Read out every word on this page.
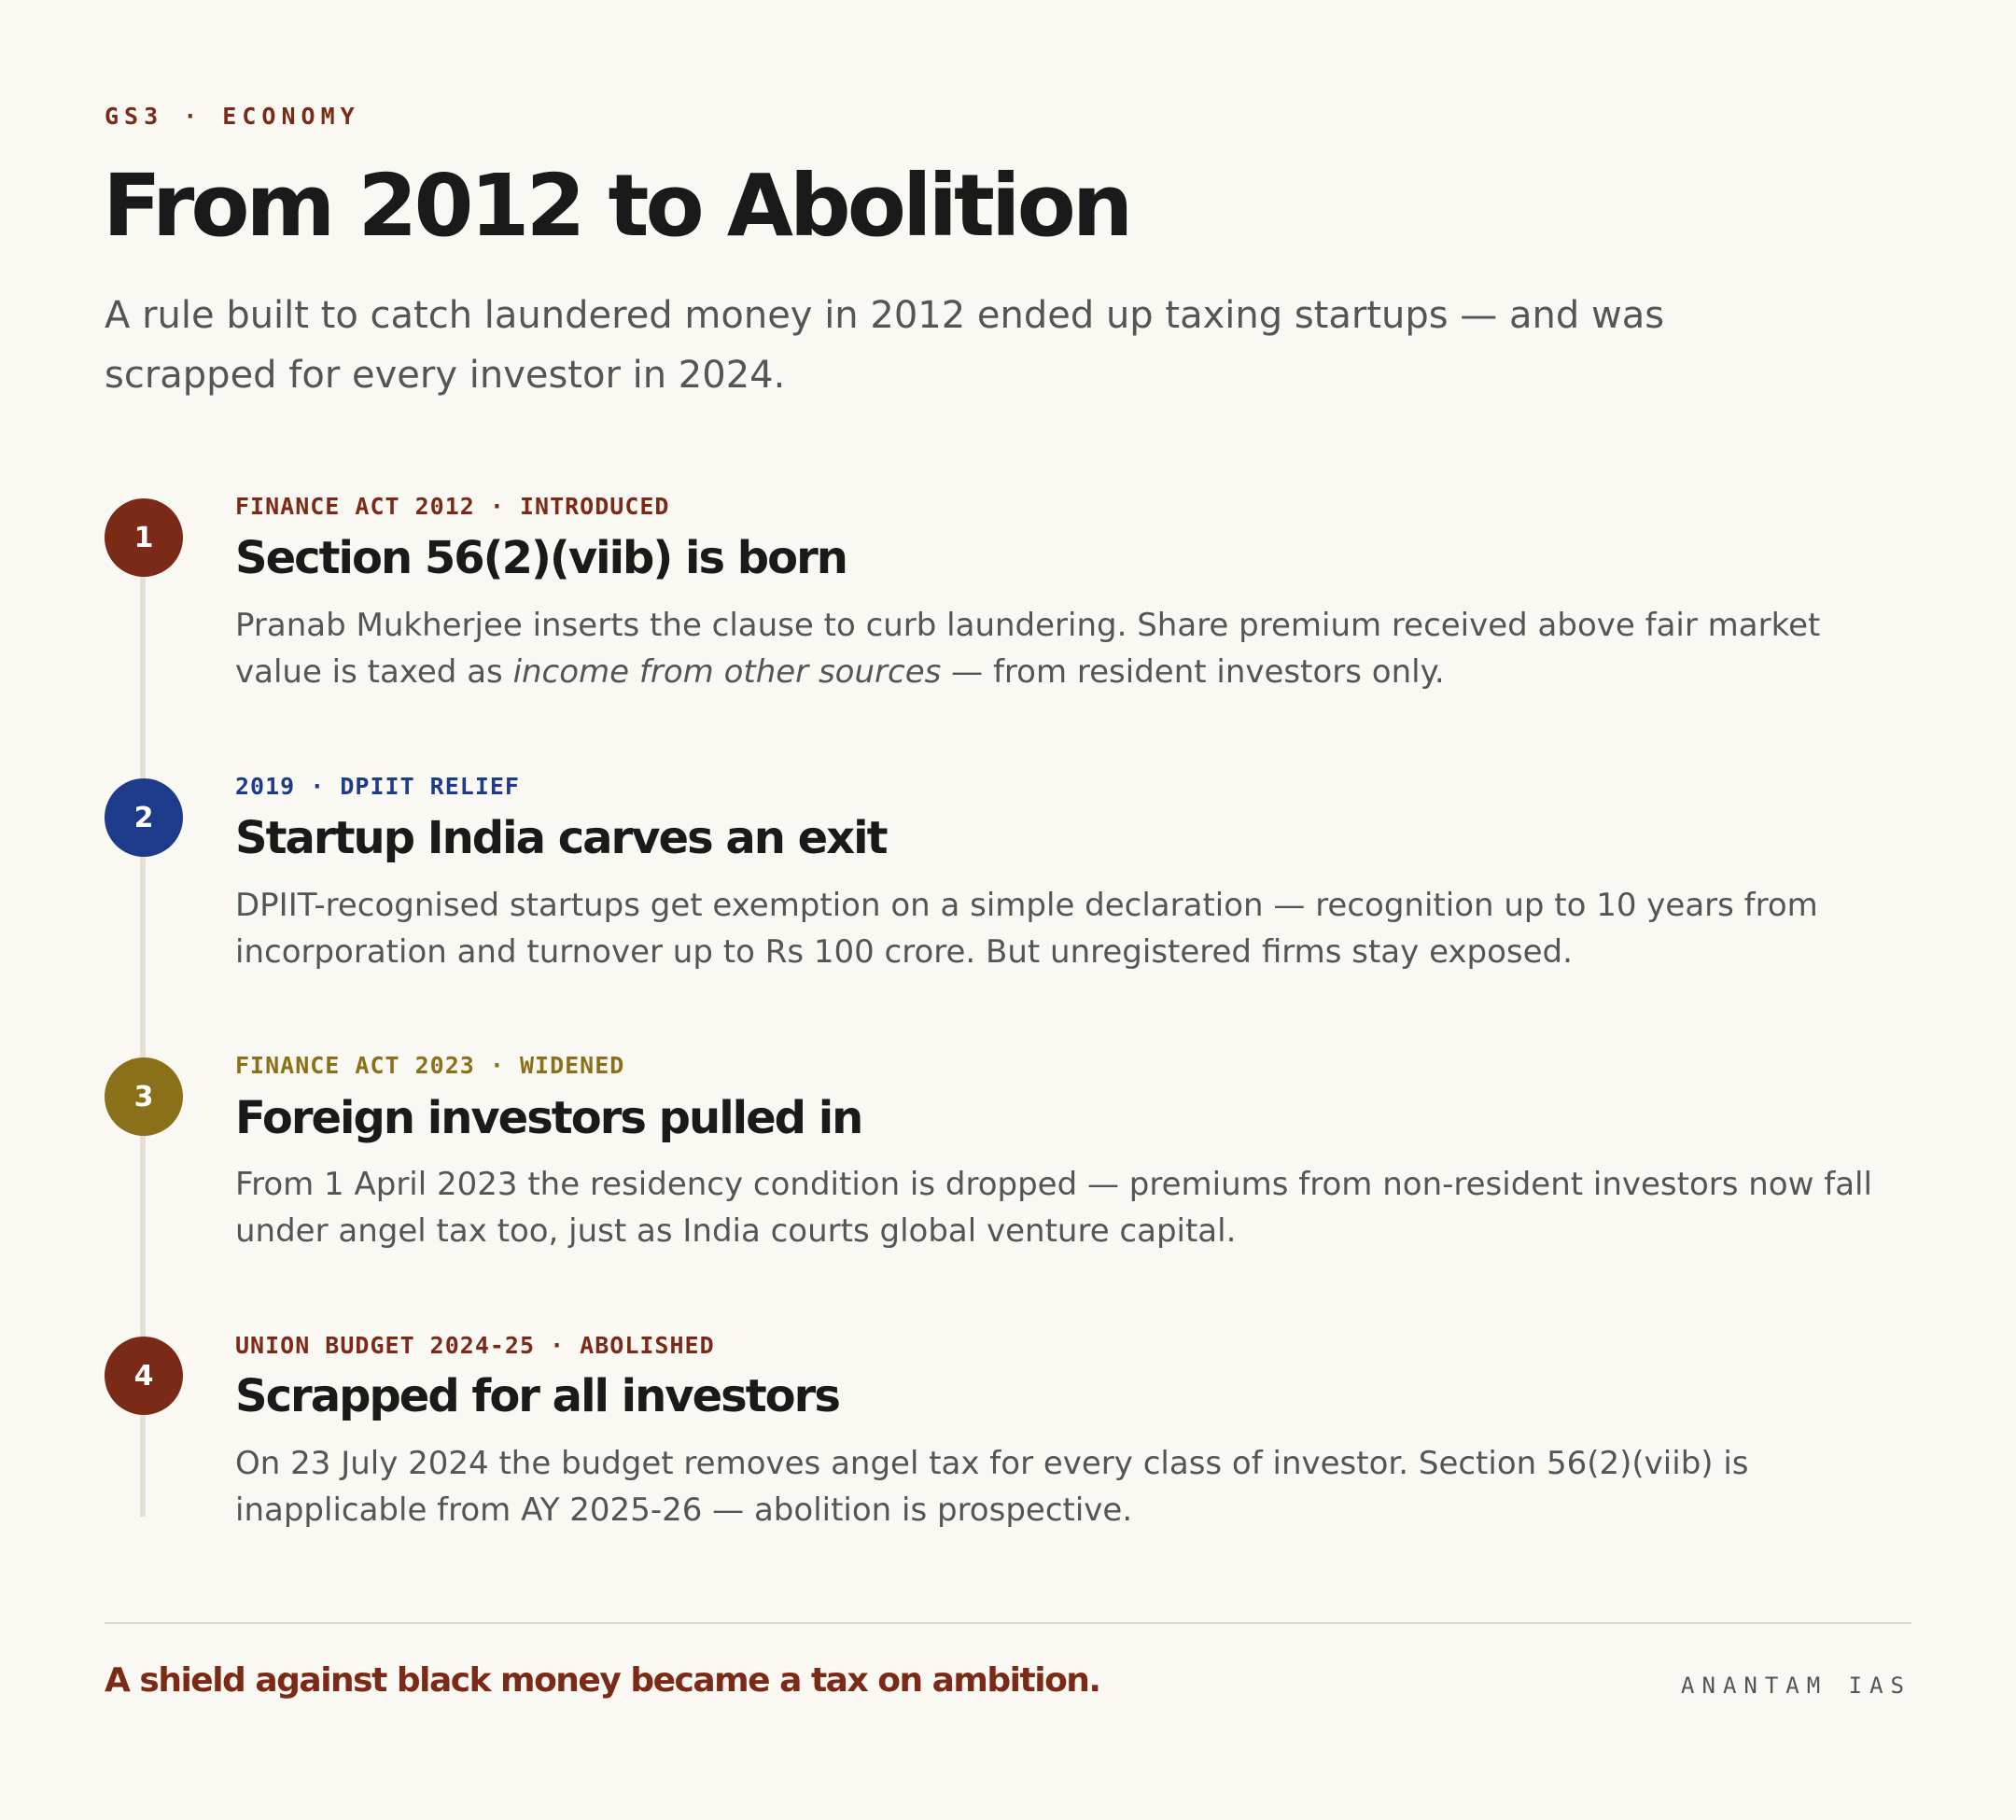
GS3 · ECONOMY
From 2012 to Abolition

A rule built to catch laundered money in 2012 ended up taxing startups — and was scrapped for every investor in 2024.

1
FINANCE ACT 2012 · INTRODUCED
Section 56(2)(viib) is born

Pranab Mukherjee inserts the clause to curb laundering. Share premium received above fair market value is taxed as income from other sources — from resident investors only.

2
2019 · DPIIT RELIEF
Startup India carves an exit

DPIIT-recognised startups get exemption on a simple declaration — recognition up to 10 years from incorporation and turnover up to Rs 100 crore. But unregistered firms stay exposed.

3
FINANCE ACT 2023 · WIDENED
Foreign investors pulled in

From 1 April 2023 the residency condition is dropped — premiums from non-resident investors now fall under angel tax too, just as India courts global venture capital.

4
UNION BUDGET 2024-25 · ABOLISHED
Scrapped for all investors

On 23 July 2024 the budget removes angel tax for every class of investor. Section 56(2)(viib) is inapplicable from AY 2025-26 — abolition is prospective.

A shield against black money became a tax on ambition.	ANANTAM IAS
